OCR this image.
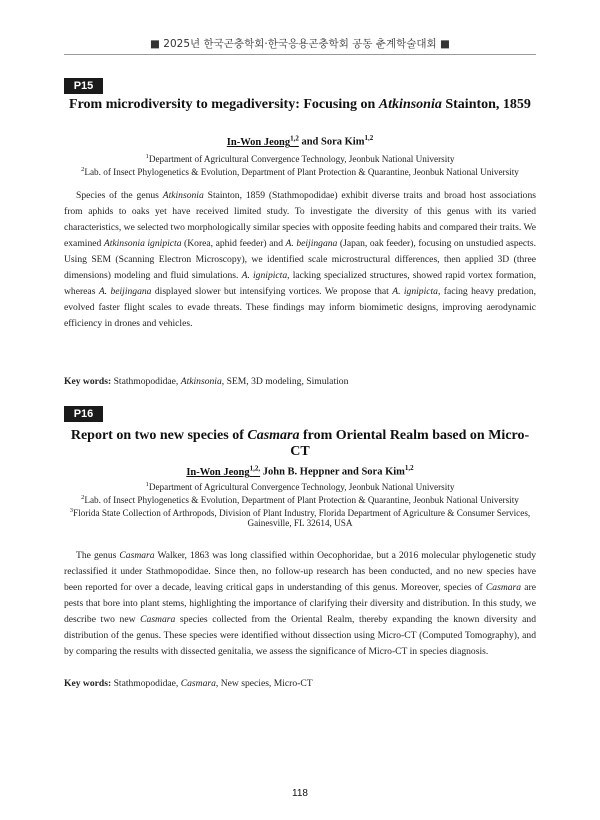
■ 2025년 한국곤충학회·한국응용곤충학회 공동 춘계학술대회 ■
P15
From microdiversity to megadiversity: Focusing on Atkinsonia Stainton, 1859
In-Won Jeong$^{1,2}$ and Sora Kim$^{1,2}$
$^1$Department of Agricultural Convergence Technology, Jeonbuk National University
$^2$Lab. of Insect Phylogenetics & Evolution, Department of Plant Protection & Quarantine, Jeonbuk National University

Species of the genus Atkinsonia Stainton, 1859 (Stathmopodidae) exhibit diverse traits and broad host associations from aphids to oaks yet have received limited study. To investigate the diversity of this genus with its varied characteristics, we selected two morphologically similar species with opposite feeding habits and compared their traits. We examined Atkinsonia ignipicta (Korea, aphid feeder) and A. beijingana (Japan, oak feeder), focusing on unstudied aspects. Using SEM (Scanning Electron Microscopy), we identified scale microstructural differences, then applied 3D (three dimensions) modeling and fluid simulations. A. ignipicta, lacking specialized structures, showed rapid vortex formation, whereas A. beijingana displayed slower but intensifying vortices. We propose that A. ignipicta, facing heavy predation, evolved faster flight scales to evade threats. These findings may inform biomimetic designs, improving aerodynamic efficiency in drones and vehicles.

Key words: Stathmopodidae, Atkinsonia, SEM, 3D modeling, Simulation
P16
Report on two new species of Casmara from Oriental Realm based on Micro-CT
In-Won Jeong$^{1,2,}$ John B. Heppner and Sora Kim$^{1,2}$
$^1$Department of Agricultural Convergence Technology, Jeonbuk National University
$^2$Lab. of Insect Phylogenetics & Evolution, Department of Plant Protection & Quarantine, Jeonbuk National University
$^3$Florida State Collection of Arthropods, Division of Plant Industry, Florida Department of Agriculture & Consumer Services,
Gainesville, FL 32614, USA

The genus Casmara Walker, 1863 was long classified within Oecophoridae, but a 2016 molecular phylogenetic study reclassified it under Stathmopodidae. Since then, no follow-up research has been conducted, and no new species have been reported for over a decade, leaving critical gaps in understanding of this genus. Moreover, species of Casmara are pests that bore into plant stems, highlighting the importance of clarifying their diversity and distribution. In this study, we describe two new Casmara species collected from the Oriental Realm, thereby expanding the known diversity and distribution of the genus. These species were identified without dissection using Micro-CT (Computed Tomography), and by comparing the results with dissected genitalia, we assess the significance of Micro-CT in species diagnosis.

Key words: Stathmopodidae, Casmara, New species, Micro-CT
118
